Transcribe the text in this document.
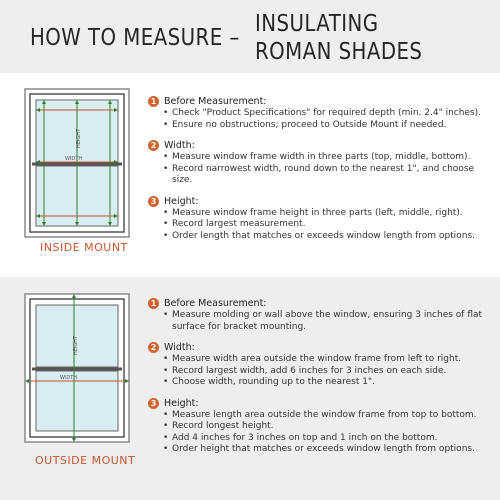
HOW TO MEASURE –
INSULATING
ROMAN SHADES
HEIGHT
WIDTH
INSIDE MOUNT
1 Before Measurement:
• Check "Product Specifications" for required depth (min. 2.4" inches).
• Ensure no obstructions; proceed to Outside Mount if needed.
2 Width:
• Measure window frame width in three parts (top, middle, bottom).
• Record narrowest width, round down to the nearest 1", and choose size.
3 Height:
• Measure window frame height in three parts (left, middle, right).
• Record largest measurement.
• Order length that matches or exceeds window length from options.
HEIGHT
WIDTH
OUTSIDE MOUNT
1 Before Measurement:
• Measure molding or wall above the window, ensuring 3 inches of flat surface for bracket mounting.
2 Width:
• Measure width area outside the window frame from left to right.
• Record largest width, add 6 inches for 3 inches on each side.
• Choose width, rounding up to the nearest 1".
3 Height:
• Measure length area outside the window frame from top to bottom.
• Record longest height.
• Add 4 inches for 3 inches on top and 1 inch on the bottom.
• Order height that matches or exceeds window length from options.
